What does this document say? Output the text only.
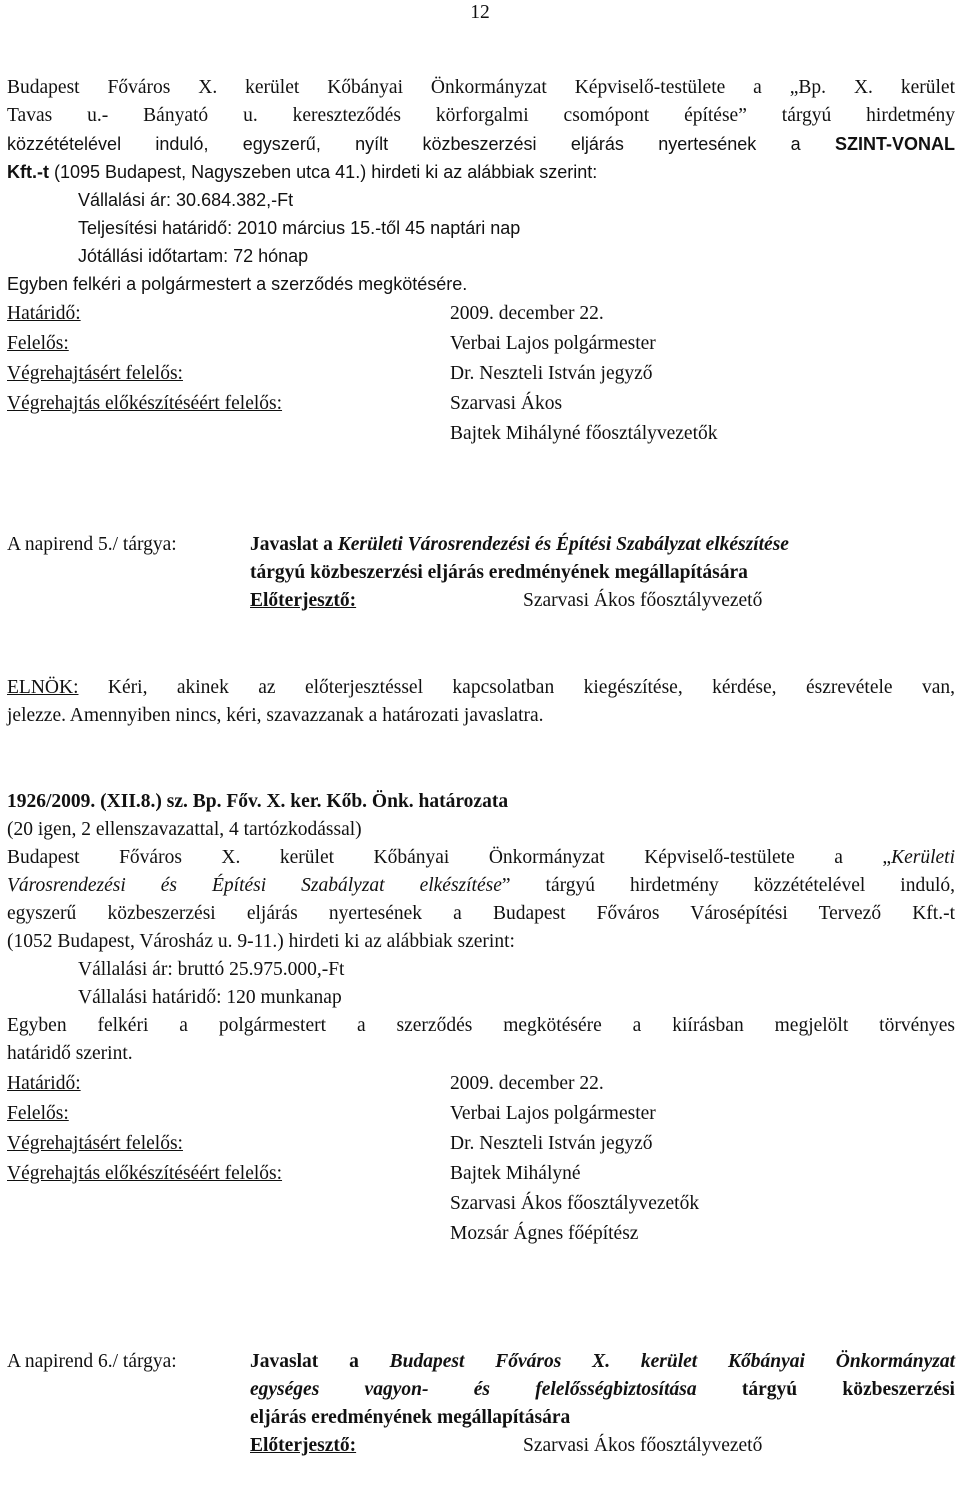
12
Budapest Főváros X. kerület Kőbányai Önkormányzat Képviselő-testülete a „Bp. X. kerület
Tavas u.- Bányató u. kereszteződés körforgalmi csomópont építése” tárgyú hirdetmény
közzétételével induló, egyszerű, nyílt közbeszerzési eljárás nyertesének a SZINT-VONAL
Kft.-t (1095 Budapest, Nagyszeben utca 41.) hirdeti ki az alábbiak szerint:
Vállalási ár: 30.684.382,-Ft
Teljesítési határidő: 2010 március 15.-től 45 naptári nap
Jótállási időtartam: 72 hónap
Egyben felkéri a polgármestert a szerződés megkötésére.
Határidő:	2009. december 22.
Felelős:	Verbai Lajos polgármester
Végrehajtásért felelős:	Dr. Neszteli István jegyző
Végrehajtás előkészítéséért felelős:	Szarvasi Ákos
Bajtek Mihályné főosztályvezetők
A napirend 5./ tárgya:	Javaslat a Kerületi Városrendezési és Építési Szabályzat elkészítése
tárgyú közbeszerzési eljárás eredményének megállapítására
Előterjesztő:	Szarvasi Ákos főosztályvezető
ELNÖK: Kéri, akinek az előterjesztéssel kapcsolatban kiegészítése, kérdése, észrevétele van,
jelezze. Amennyiben nincs, kéri, szavazzanak a határozati javaslatra.
1926/2009. (XII.8.) sz. Bp. Főv. X. ker. Kőb. Önk. határozata
(20 igen, 2 ellenszavazattal, 4 tartózkodással)
Budapest Főváros X. kerület Kőbányai Önkormányzat Képviselő-testülete a „Kerületi
Városrendezési és Építési Szabályzat elkészítése” tárgyú hirdetmény közzétételével induló,
egyszerű közbeszerzési eljárás nyertesének a Budapest Főváros Városépítési Tervező Kft.-t
(1052 Budapest, Városház u. 9-11.) hirdeti ki az alábbiak szerint:
Vállalási ár: bruttó 25.975.000,-Ft
Vállalási határidő: 120 munkanap
Egyben felkéri a polgármestert a szerződés megkötésére a kiírásban megjelölt törvényes
határidő szerint.
Határidő:	2009. december 22.
Felelős:	Verbai Lajos polgármester
Végrehajtásért felelős:	Dr. Neszteli István jegyző
Végrehajtás előkészítéséért felelős:	Bajtek Mihályné
Szarvasi Ákos főosztályvezetők
Mozsár Ágnes főépítész
A napirend 6./ tárgya:	Javaslat a Budapest Főváros X. kerület Kőbányai Önkormányzat
egységes vagyon- és felelősségbiztosítása tárgyú közbeszerzési
eljárás eredményének megállapítására
Előterjesztő:	Szarvasi Ákos főosztályvezető
